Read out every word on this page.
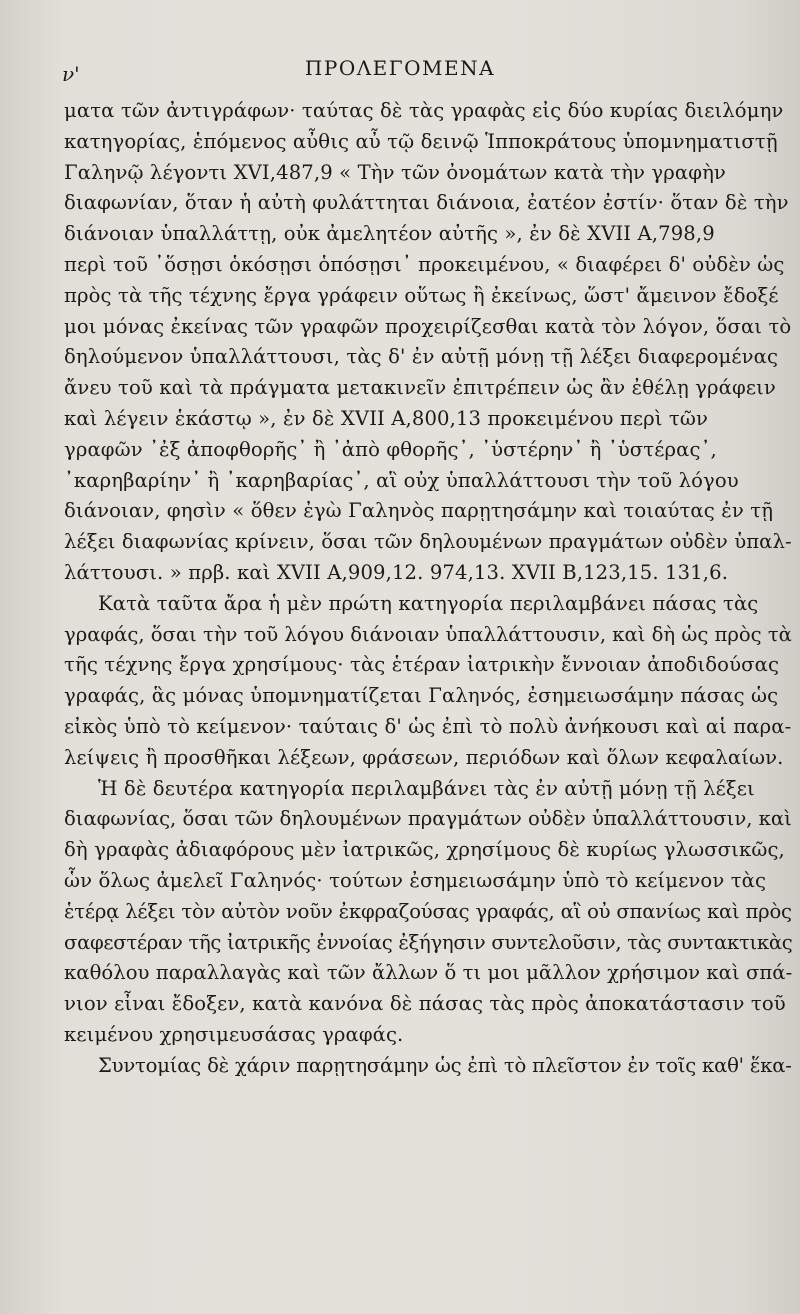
ν'	ΠΡΟΛΕΓΟΜΕΝΑ
ματα τῶν ἀντιγράφων· ταύτας δὲ τὰς γραφὰς εἰς δύο κυρίας διειλόμην
κατηγορίας, ἑπόμενος αὖθις αὖ τῷ δεινῷ Ἱπποκράτους ὑπομνηματιστῇ
Γαληνῷ λέγοντι XVI,487,9 « Τὴν τῶν ὀνομάτων κατὰ τὴν γραφὴν
διαφωνίαν, ὅταν ἡ αὐτὴ φυλάττηται διάνοια, ἐατέον ἐστίν· ὅταν δὲ τὴν
διάνοιαν ὑπαλλάττῃ, οὐκ ἀμελητέον αὐτῆς », ἐν δὲ XVII A,798,9
περὶ τοῦ ᾿ὅσῃσι ὁκόσῃσι ὁπόσῃσι᾿ προκειμένου, « διαφέρει δ' οὐδὲν ὡς
πρὸς τὰ τῆς τέχνης ἔργα γράφειν οὕτως ἢ ἐκείνως, ὥστ' ἄμεινον ἔδοξέ
μοι μόνας ἐκείνας τῶν γραφῶν προχειρίζεσθαι κατὰ τὸν λόγον, ὅσαι τὸ
δηλούμενον ὑπαλλάττουσι, τὰς δ' ἐν αὐτῇ μόνῃ τῇ λέξει διαφερομένας
ἄνευ τοῦ καὶ τὰ πράγματα μετακινεῖν ἐπιτρέπειν ὡς ἂν ἐθέλῃ γράφειν
καὶ λέγειν ἑκάστῳ », ἐν δὲ XVII A,800,13 προκειμένου περὶ τῶν
γραφῶν ᾿ἐξ ἀποφθορῆς᾿ ἢ ᾿ἀπὸ φθορῆς᾿, ᾿ὑστέρην᾿ ἢ ᾿ὑστέρας᾿,
᾿καρηβαρίην᾿ ἢ ᾿καρηβαρίας᾿, αἳ οὐχ ὑπαλλάττουσι τὴν τοῦ λόγου
διάνοιαν, φησὶν « ὅθεν ἐγὼ Γαληνὸς παρῃτησάμην καὶ τοιαύτας ἐν τῇ
λέξει διαφωνίας κρίνειν, ὅσαι τῶν δηλουμένων πραγμάτων οὐδὲν ὑπαλ-
λάττουσι. » πρβ. καὶ XVII A,909,12. 974,13. XVII B,123,15. 131,6.
Κατὰ ταῦτα ἄρα ἡ μὲν πρώτη κατηγορία περιλαμβάνει πάσας τὰς
γραφάς, ὅσαι τὴν τοῦ λόγου διάνοιαν ὑπαλλάττουσιν, καὶ δὴ ὡς πρὸς τὰ
τῆς τέχνης ἔργα χρησίμους· τὰς ἑτέραν ἰατρικὴν ἔννοιαν ἀποδιδούσας
γραφάς, ἃς μόνας ὑπομνηματίζεται Γαληνός, ἐσημειωσάμην πάσας ὡς
εἰκὸς ὑπὸ τὸ κείμενον· ταύταις δ' ὡς ἐπὶ τὸ πολὺ ἀνήκουσι καὶ αἱ παρα-
λείψεις ἢ προσθῆκαι λέξεων, φράσεων, περιόδων καὶ ὅλων κεφαλαίων.
Ἡ δὲ δευτέρα κατηγορία περιλαμβάνει τὰς ἐν αὐτῇ μόνῃ τῇ λέξει
διαφωνίας, ὅσαι τῶν δηλουμένων πραγμάτων οὐδὲν ὑπαλλάττουσιν, καὶ
δὴ γραφὰς ἀδιαφόρους μὲν ἰατρικῶς, χρησίμους δὲ κυρίως γλωσσικῶς,
ὧν ὅλως ἀμελεῖ Γαληνός· τούτων ἐσημειωσάμην ὑπὸ τὸ κείμενον τὰς
ἑτέρᾳ λέξει τὸν αὐτὸν νοῦν ἐκφραζούσας γραφάς, αἳ οὐ σπανίως καὶ πρὸς
σαφεστέραν τῆς ἰατρικῆς ἐννοίας ἐξήγησιν συντελοῦσιν, τὰς συντακτικὰς
καθόλου παραλλαγὰς καὶ τῶν ἄλλων ὅ τι μοι μᾶλλον χρήσιμον καὶ σπά-
νιον εἶναι ἔδοξεν, κατὰ κανόνα δὲ πάσας τὰς πρὸς ἀποκατάστασιν τοῦ
κειμένου χρησιμευσάσας γραφάς.
Συντομίας δὲ χάριν παρῃτησάμην ὡς ἐπὶ τὸ πλεῖστον ἐν τοῖς καθ' ἕκα-
